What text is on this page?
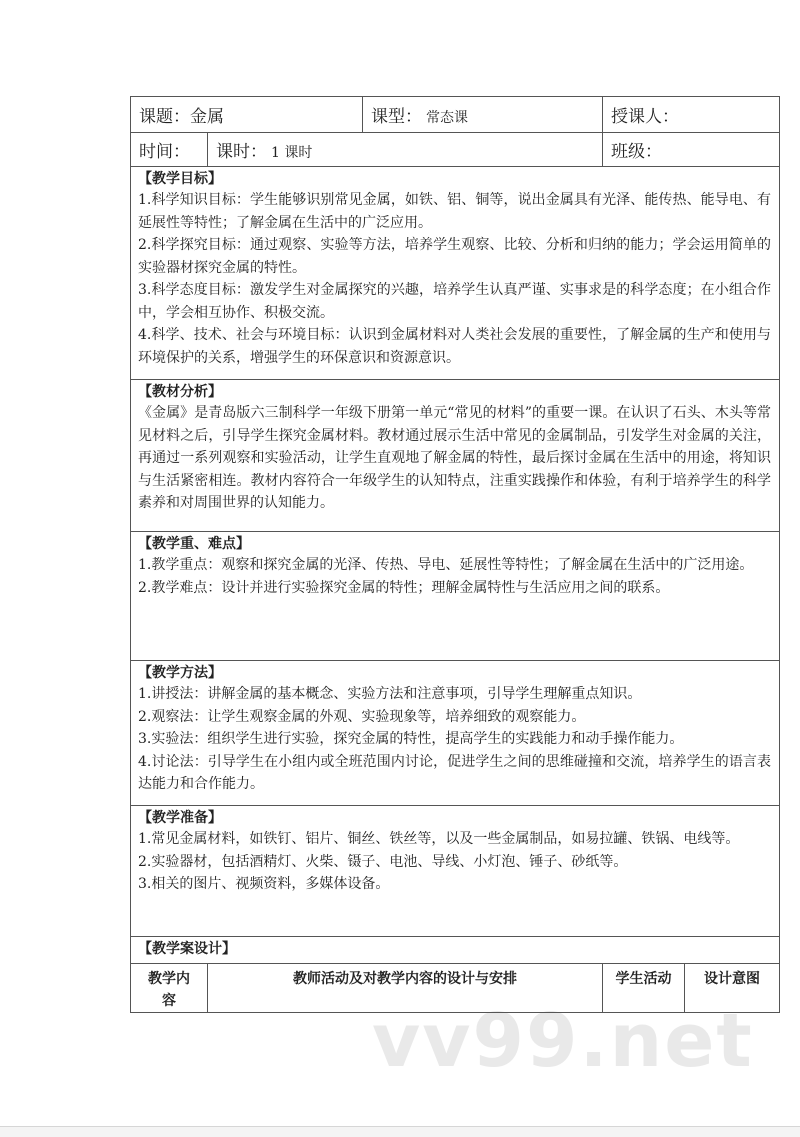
vv99.net
课题：金属		课型： 常态课	授课人：	
时间：	课时： 1 课时		班级：	

【教学目标】
1.科学知识目标：学生能够识别常见金属，如铁、铝、铜等，说出金属具有光泽、能传热、能导电、有延展性等特性；了解金属在生活中的广泛应用。
2.科学探究目标：通过观察、实验等方法，培养学生观察、比较、分析和归纳的能力；学会运用简单的实验器材探究金属的特性。
3.科学态度目标：激发学生对金属探究的兴趣，培养学生认真严谨、实事求是的科学态度；在小组合作中，学会相互协作、积极交流。
4.科学、技术、社会与环境目标：认识到金属材料对人类社会发展的重要性，了解金属的生产和使用与环境保护的关系，增强学生的环保意识和资源意识。				

【教材分析】
《金属》是青岛版六三制科学一年级下册第一单元“常见的材料”的重要一课。在认识了石头、木头等常见材料之后，引导学生探究金属材料。教材通过展示生活中常见的金属制品，引发学生对金属的关注，再通过一系列观察和实验活动，让学生直观地了解金属的特性，最后探讨金属在生活中的用途，将知识与生活紧密相连。教材内容符合一年级学生的认知特点，注重实践操作和体验，有利于培养学生的科学素养和对周围世界的认知能力。				

【教学重、难点】
1.教学重点：观察和探究金属的光泽、传热、导电、延展性等特性；了解金属在生活中的广泛用途。
2.教学难点：设计并进行实验探究金属的特性；理解金属特性与生活应用之间的联系。				

【教学方法】
1.讲授法：讲解金属的基本概念、实验方法和注意事项，引导学生理解重点知识。
2.观察法：让学生观察金属的外观、实验现象等，培养细致的观察能力。
3.实验法：组织学生进行实验，探究金属的特性，提高学生的实践能力和动手操作能力。
4.讨论法：引导学生在小组内或全班范围内讨论，促进学生之间的思维碰撞和交流，培养学生的语言表达能力和合作能力。				

【教学准备】
1.常见金属材料，如铁钉、铝片、铜丝、铁丝等，以及一些金属制品，如易拉罐、铁锅、电线等。
2.实验器材，包括酒精灯、火柴、镊子、电池、导线、小灯泡、锤子、砂纸等。
3.相关的图片、视频资料，多媒体设备。				

【教学案设计】				

教学内
容	教师活动及对教学内容的设计与安排		学生活动	设计意图
